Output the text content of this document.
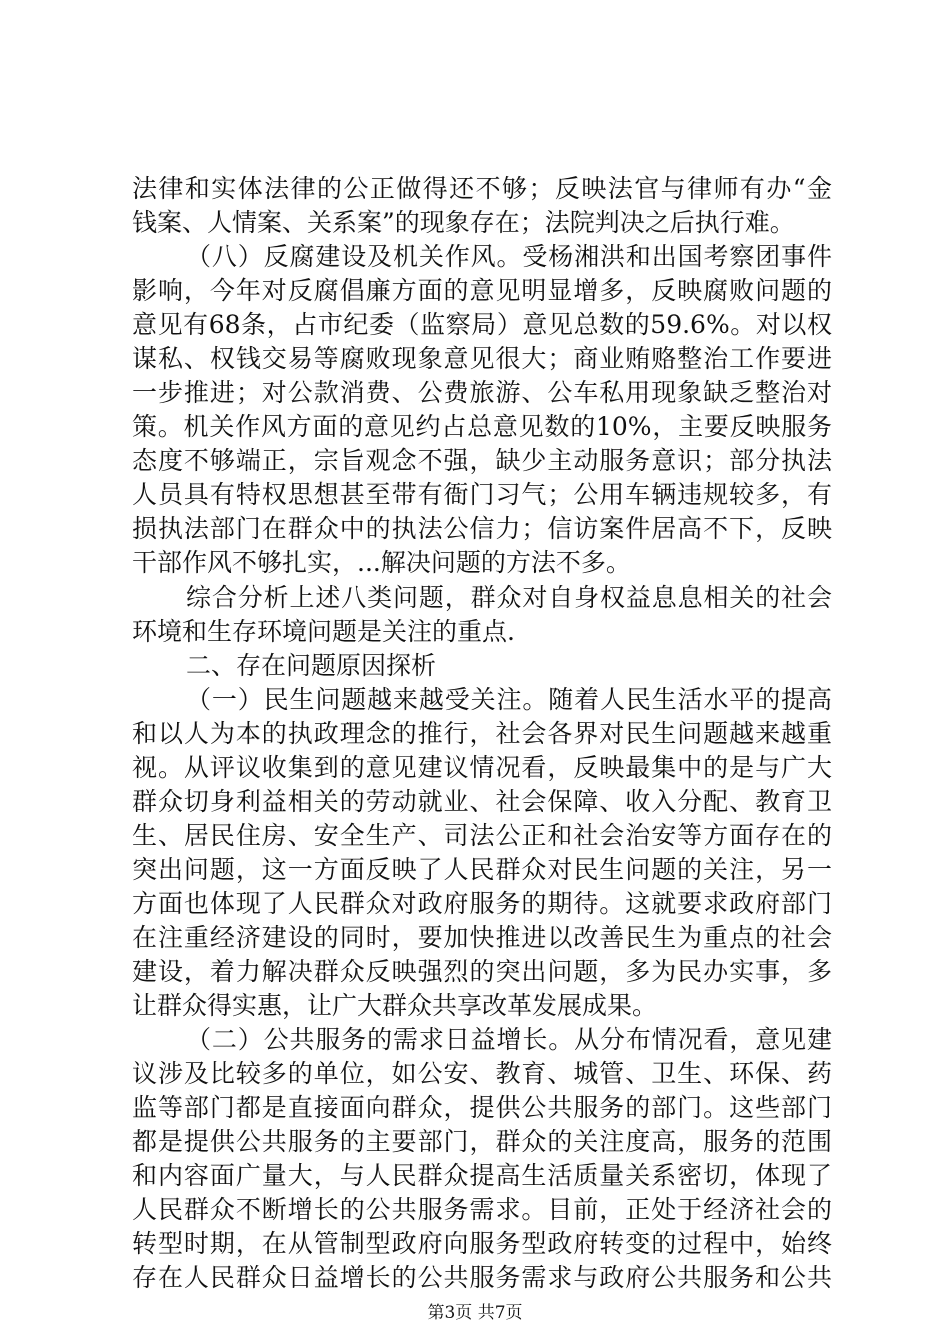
法律和实体法律的公正做得还不够；反映法官与律师有办“金
钱案、人情案、关系案”的现象存在；法院判决之后执行难。
（八）反腐建设及机关作风。受杨湘洪和出国考察团事件
影响，今年对反腐倡廉方面的意见明显增多，反映腐败问题的
意见有68条，占市纪委（监察局）意见总数的59.6%。对以权
谋私、权钱交易等腐败现象意见很大；商业贿赂整治工作要进
一步推进；对公款消费、公费旅游、公车私用现象缺乏整治对
策。机关作风方面的意见约占总意见数的10%，主要反映服务
态度不够端正，宗旨观念不强，缺少主动服务意识；部分执法
人员具有特权思想甚至带有衙门习气；公用车辆违规较多，有
损执法部门在群众中的执法公信力；信访案件居高不下，反映
干部作风不够扎实，...解决问题的方法不多。
综合分析上述八类问题，群众对自身权益息息相关的社会
环境和生存环境问题是关注的重点.
二、存在问题原因探析
（一）民生问题越来越受关注。随着人民生活水平的提高
和以人为本的执政理念的推行，社会各界对民生问题越来越重
视。从评议收集到的意见建议情况看，反映最集中的是与广大
群众切身利益相关的劳动就业、社会保障、收入分配、教育卫
生、居民住房、安全生产、司法公正和社会治安等方面存在的
突出问题，这一方面反映了人民群众对民生问题的关注，另一
方面也体现了人民群众对政府服务的期待。这就要求政府部门
在注重经济建设的同时，要加快推进以改善民生为重点的社会
建设，着力解决群众反映强烈的突出问题，多为民办实事，多
让群众得实惠，让广大群众共享改革发展成果。
（二）公共服务的需求日益增长。从分布情况看，意见建
议涉及比较多的单位，如公安、教育、城管、卫生、环保、药
监等部门都是直接面向群众，提供公共服务的部门。这些部门
都是提供公共服务的主要部门，群众的关注度高，服务的范围
和内容面广量大，与人民群众提高生活质量关系密切，体现了
人民群众不断增长的公共服务需求。目前，正处于经济社会的
转型时期，在从管制型政府向服务型政府转变的过程中，始终
存在人民群众日益增长的公共服务需求与政府公共服务和公共
第3页 共7页
